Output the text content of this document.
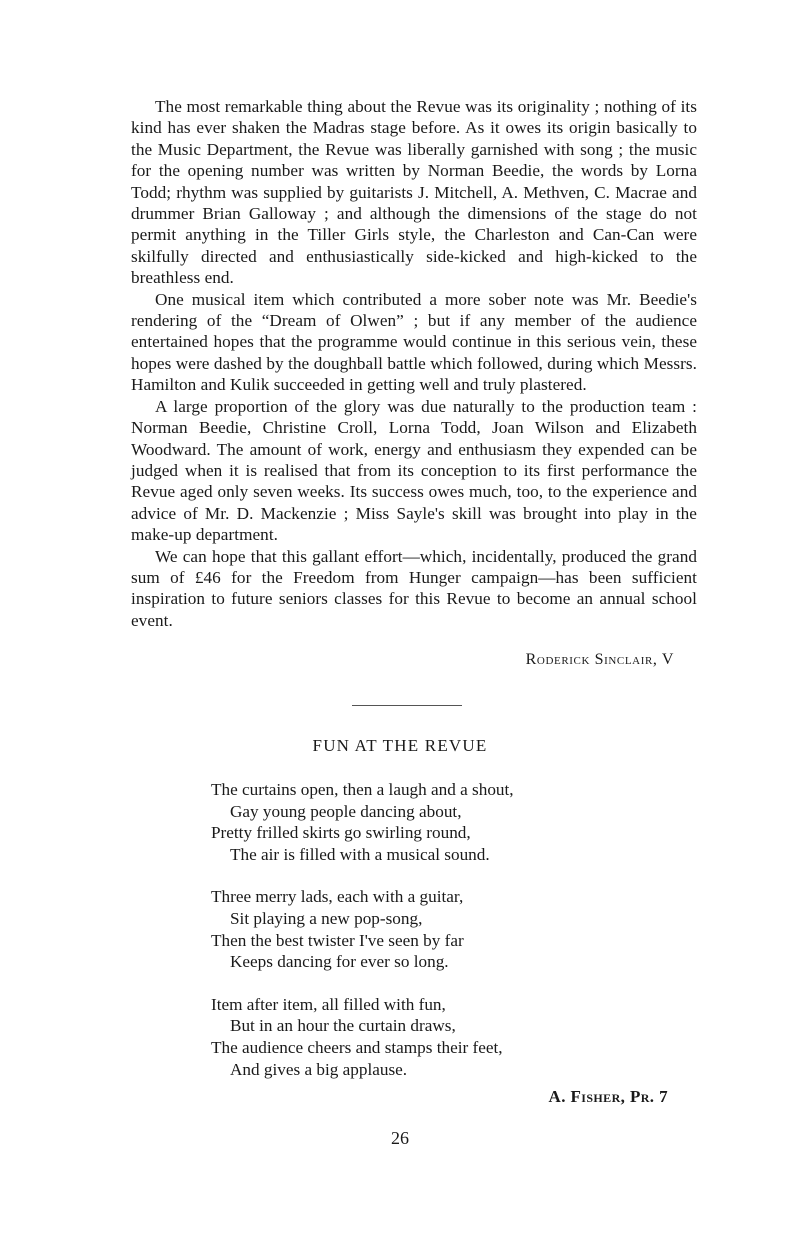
The most remarkable thing about the Revue was its originality ; nothing of its kind has ever shaken the Madras stage before. As it owes its origin basically to the Music Department, the Revue was liberally garnished with song ; the music for the opening number was written by Norman Beedie, the words by Lorna Todd; rhythm was supplied by guitarists J. Mitchell, A. Methven, C. Macrae and drummer Brian Galloway ; and although the dimensions of the stage do not permit anything in the Tiller Girls style, the Charleston and Can-Can were skilfully directed and enthusiastically side-kicked and high-kicked to the breathless end.

One musical item which contributed a more sober note was Mr. Beedie's rendering of the “Dream of Olwen” ; but if any member of the audience entertained hopes that the programme would continue in this serious vein, these hopes were dashed by the doughball battle which followed, during which Messrs. Hamilton and Kulik succeeded in getting well and truly plastered.

A large proportion of the glory was due naturally to the production team : Norman Beedie, Christine Croll, Lorna Todd, Joan Wilson and Elizabeth Woodward. The amount of work, energy and enthusiasm they expended can be judged when it is realised that from its conception to its first performance the Revue aged only seven weeks. Its success owes much, too, to the experience and advice of Mr. D. Mackenzie ; Miss Sayle's skill was brought into play in the make-up department.

We can hope that this gallant effort—which, incidentally, produced the grand sum of £46 for the Freedom from Hunger campaign—has been sufficient inspiration to future seniors classes for this Revue to become an annual school event.

Roderick Sinclair, V
FUN AT THE REVUE
The curtains open, then a laugh and a shout,
Gay young people dancing about,
Pretty frilled skirts go swirling round,
The air is filled with a musical sound.
Three merry lads, each with a guitar,
Sit playing a new pop-song,
Then the best twister I've seen by far
Keeps dancing for ever so long.
Item after item, all filled with fun,
But in an hour the curtain draws,
The audience cheers and stamps their feet,
And gives a big applause.
A. Fisher, Pr. 7
26
